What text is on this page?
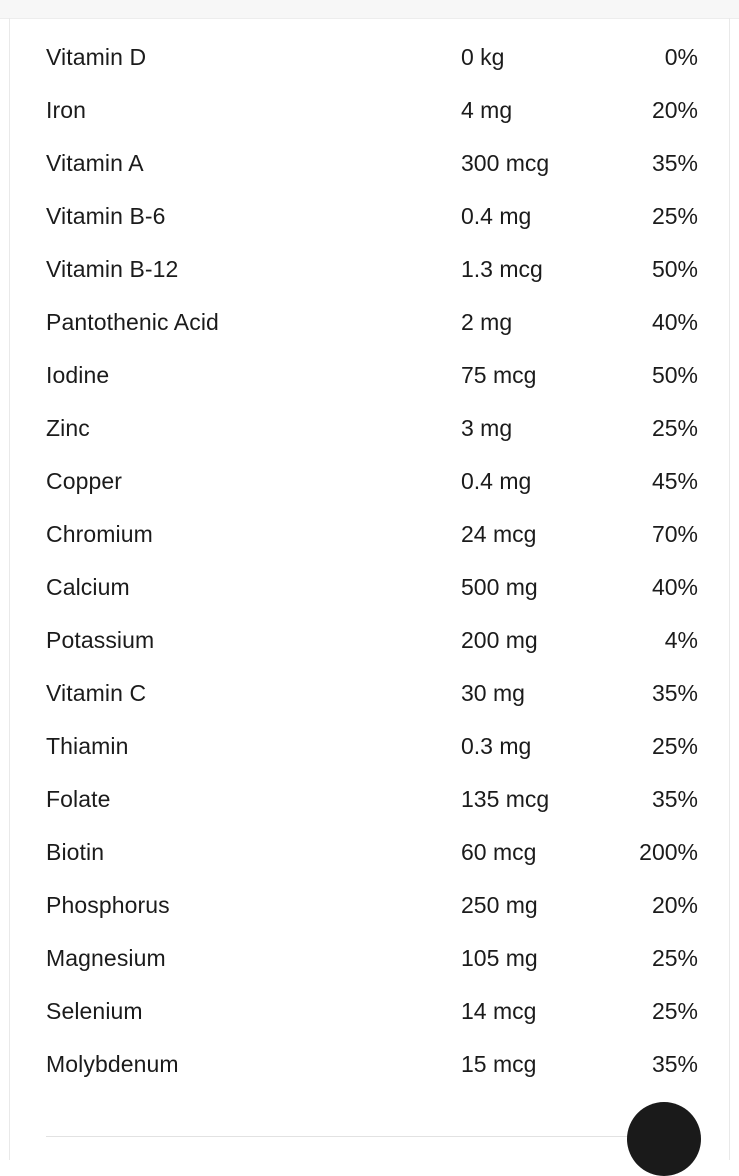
Vitamin D	0 kg	0%
Iron	4 mg	20%
Vitamin A	300 mcg	35%
Vitamin B-6	0.4 mg	25%
Vitamin B-12	1.3 mcg	50%
Pantothenic Acid	2 mg	40%
Iodine	75 mcg	50%
Zinc	3 mg	25%
Copper	0.4 mg	45%
Chromium	24 mcg	70%
Calcium	500 mg	40%
Potassium	200 mg	4%
Vitamin C	30 mg	35%
Thiamin	0.3 mg	25%
Folate	135 mcg	35%
Biotin	60 mcg	200%
Phosphorus	250 mg	20%
Magnesium	105 mg	25%
Selenium	14 mcg	25%
Molybdenum	15 mcg	35%
